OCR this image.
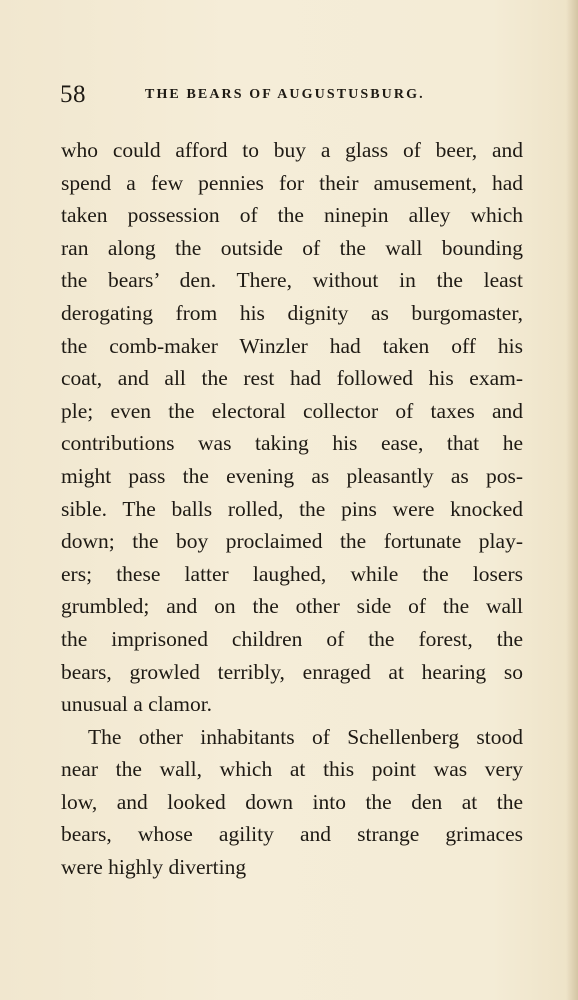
58	THE BEARS OF AUGUSTUSBURG.
who could afford to buy a glass of beer, and
spend a few pennies for their amusement, had
taken possession of the ninepin alley which
ran along the outside of the wall bounding
the bears’ den. There, without in the least
derogating from his dignity as burgomaster,
the comb-maker Winzler had taken off his
coat, and all the rest had followed his exam-
ple; even the electoral collector of taxes and
contributions was taking his ease, that he
might pass the evening as pleasantly as pos-
sible. The balls rolled, the pins were knocked
down; the boy proclaimed the fortunate play-
ers; these latter laughed, while the losers
grumbled; and on the other side of the wall
the imprisoned children of the forest, the
bears, growled terribly, enraged at hearing so
unusual a clamor.
The other inhabitants of Schellenberg stood
near the wall, which at this point was very
low, and looked down into the den at the
bears, whose agility and strange grimaces
were highly diverting
